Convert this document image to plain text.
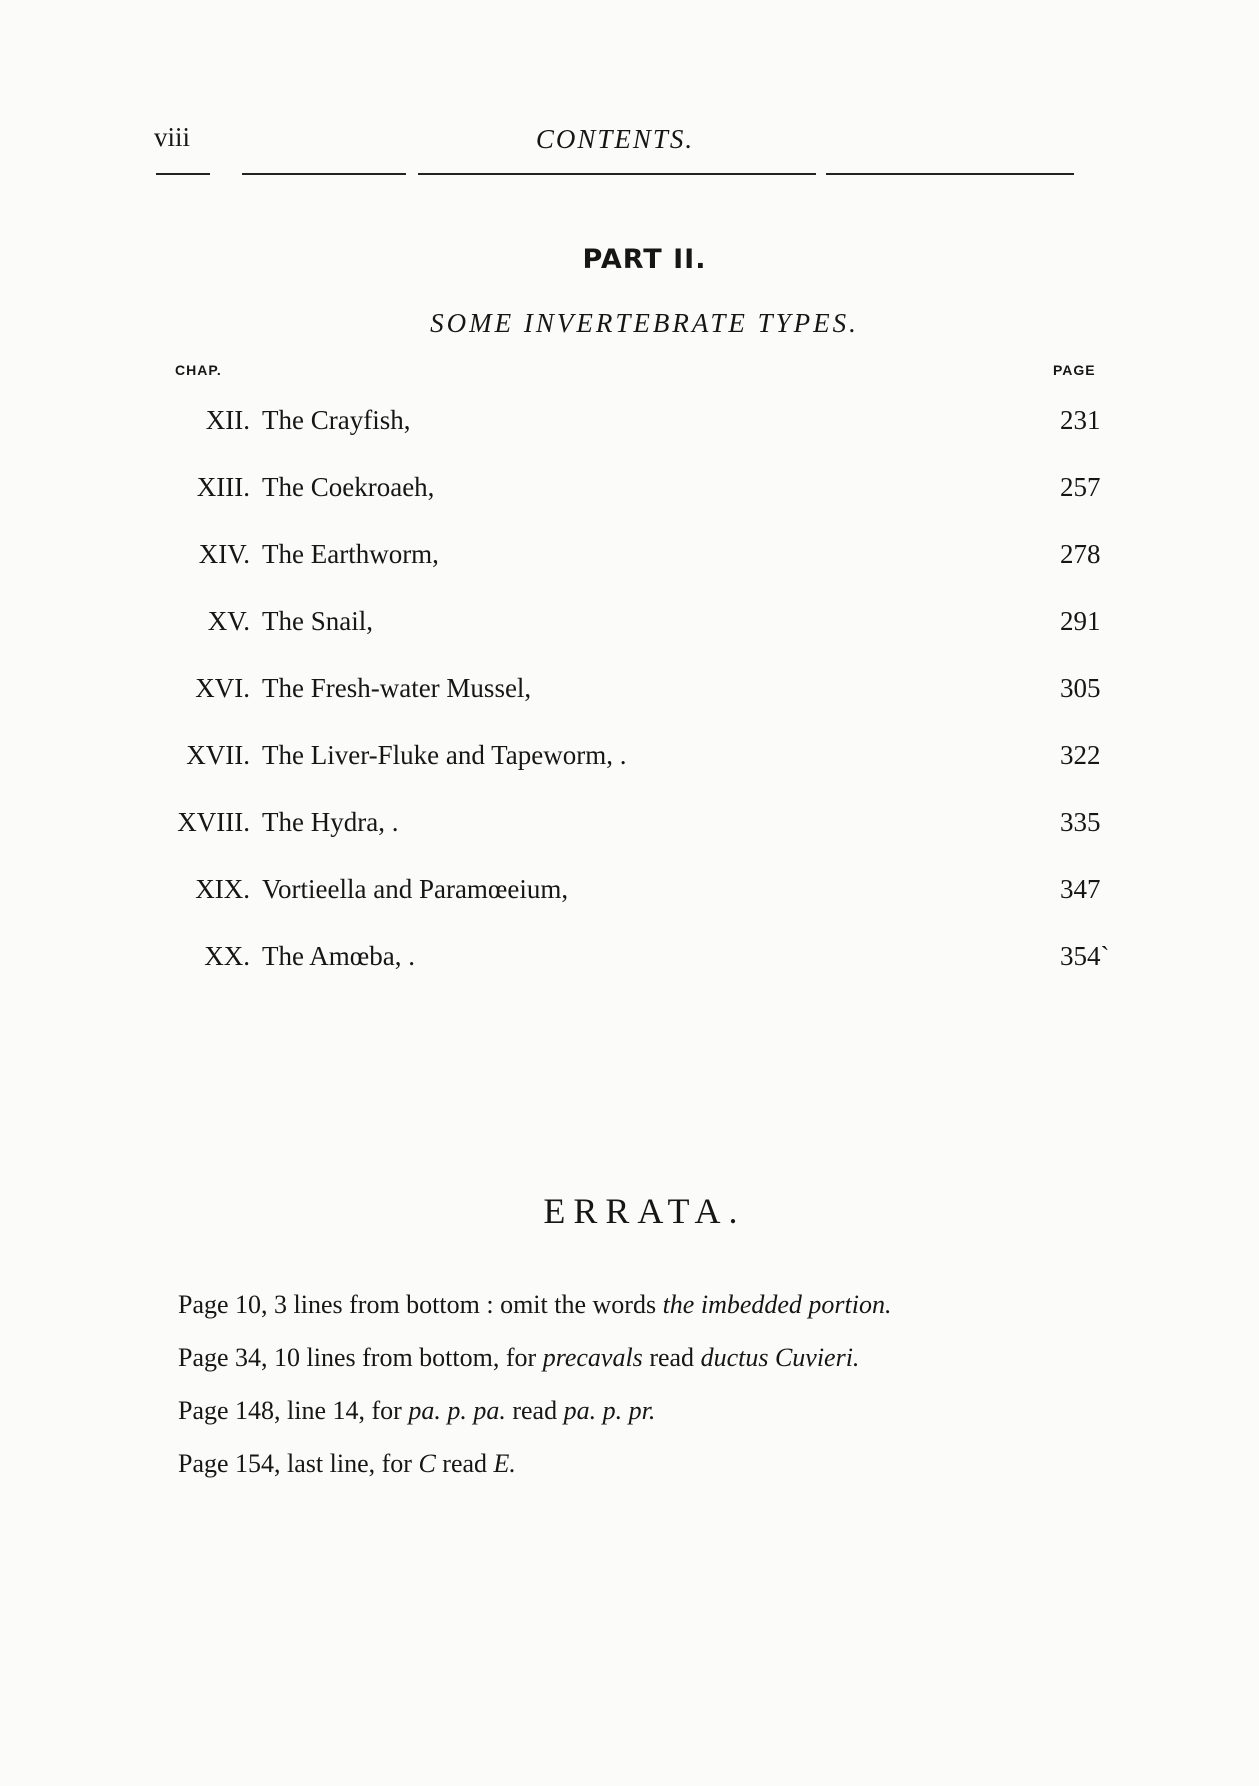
viii	CONTENTS.
PART II.
SOME INVERTEBRATE TYPES.
CHAP.	PAGE
XII. The Crayfish,	231
XIII. The Coekroaeh,	257
XIV. The Earthworm,	278
XV. The Snail,	291
XVI. The Fresh-water Mussel,	305
XVII. The Liver-Fluke and Tapeworm, .	322
XVIII. The Hydra, .	335
XIX. Vortieella and Paramœeium,	347
XX. The Amœba, .	354`
ERRATA.
Page 10, 3 lines from bottom : omit the words the imbedded portion.
Page 34, 10 lines from bottom, for precavals read ductus Cuvieri.
Page 148, line 14, for pa. p. pa. read pa. p. pr.
Page 154, last line, for C read E.
